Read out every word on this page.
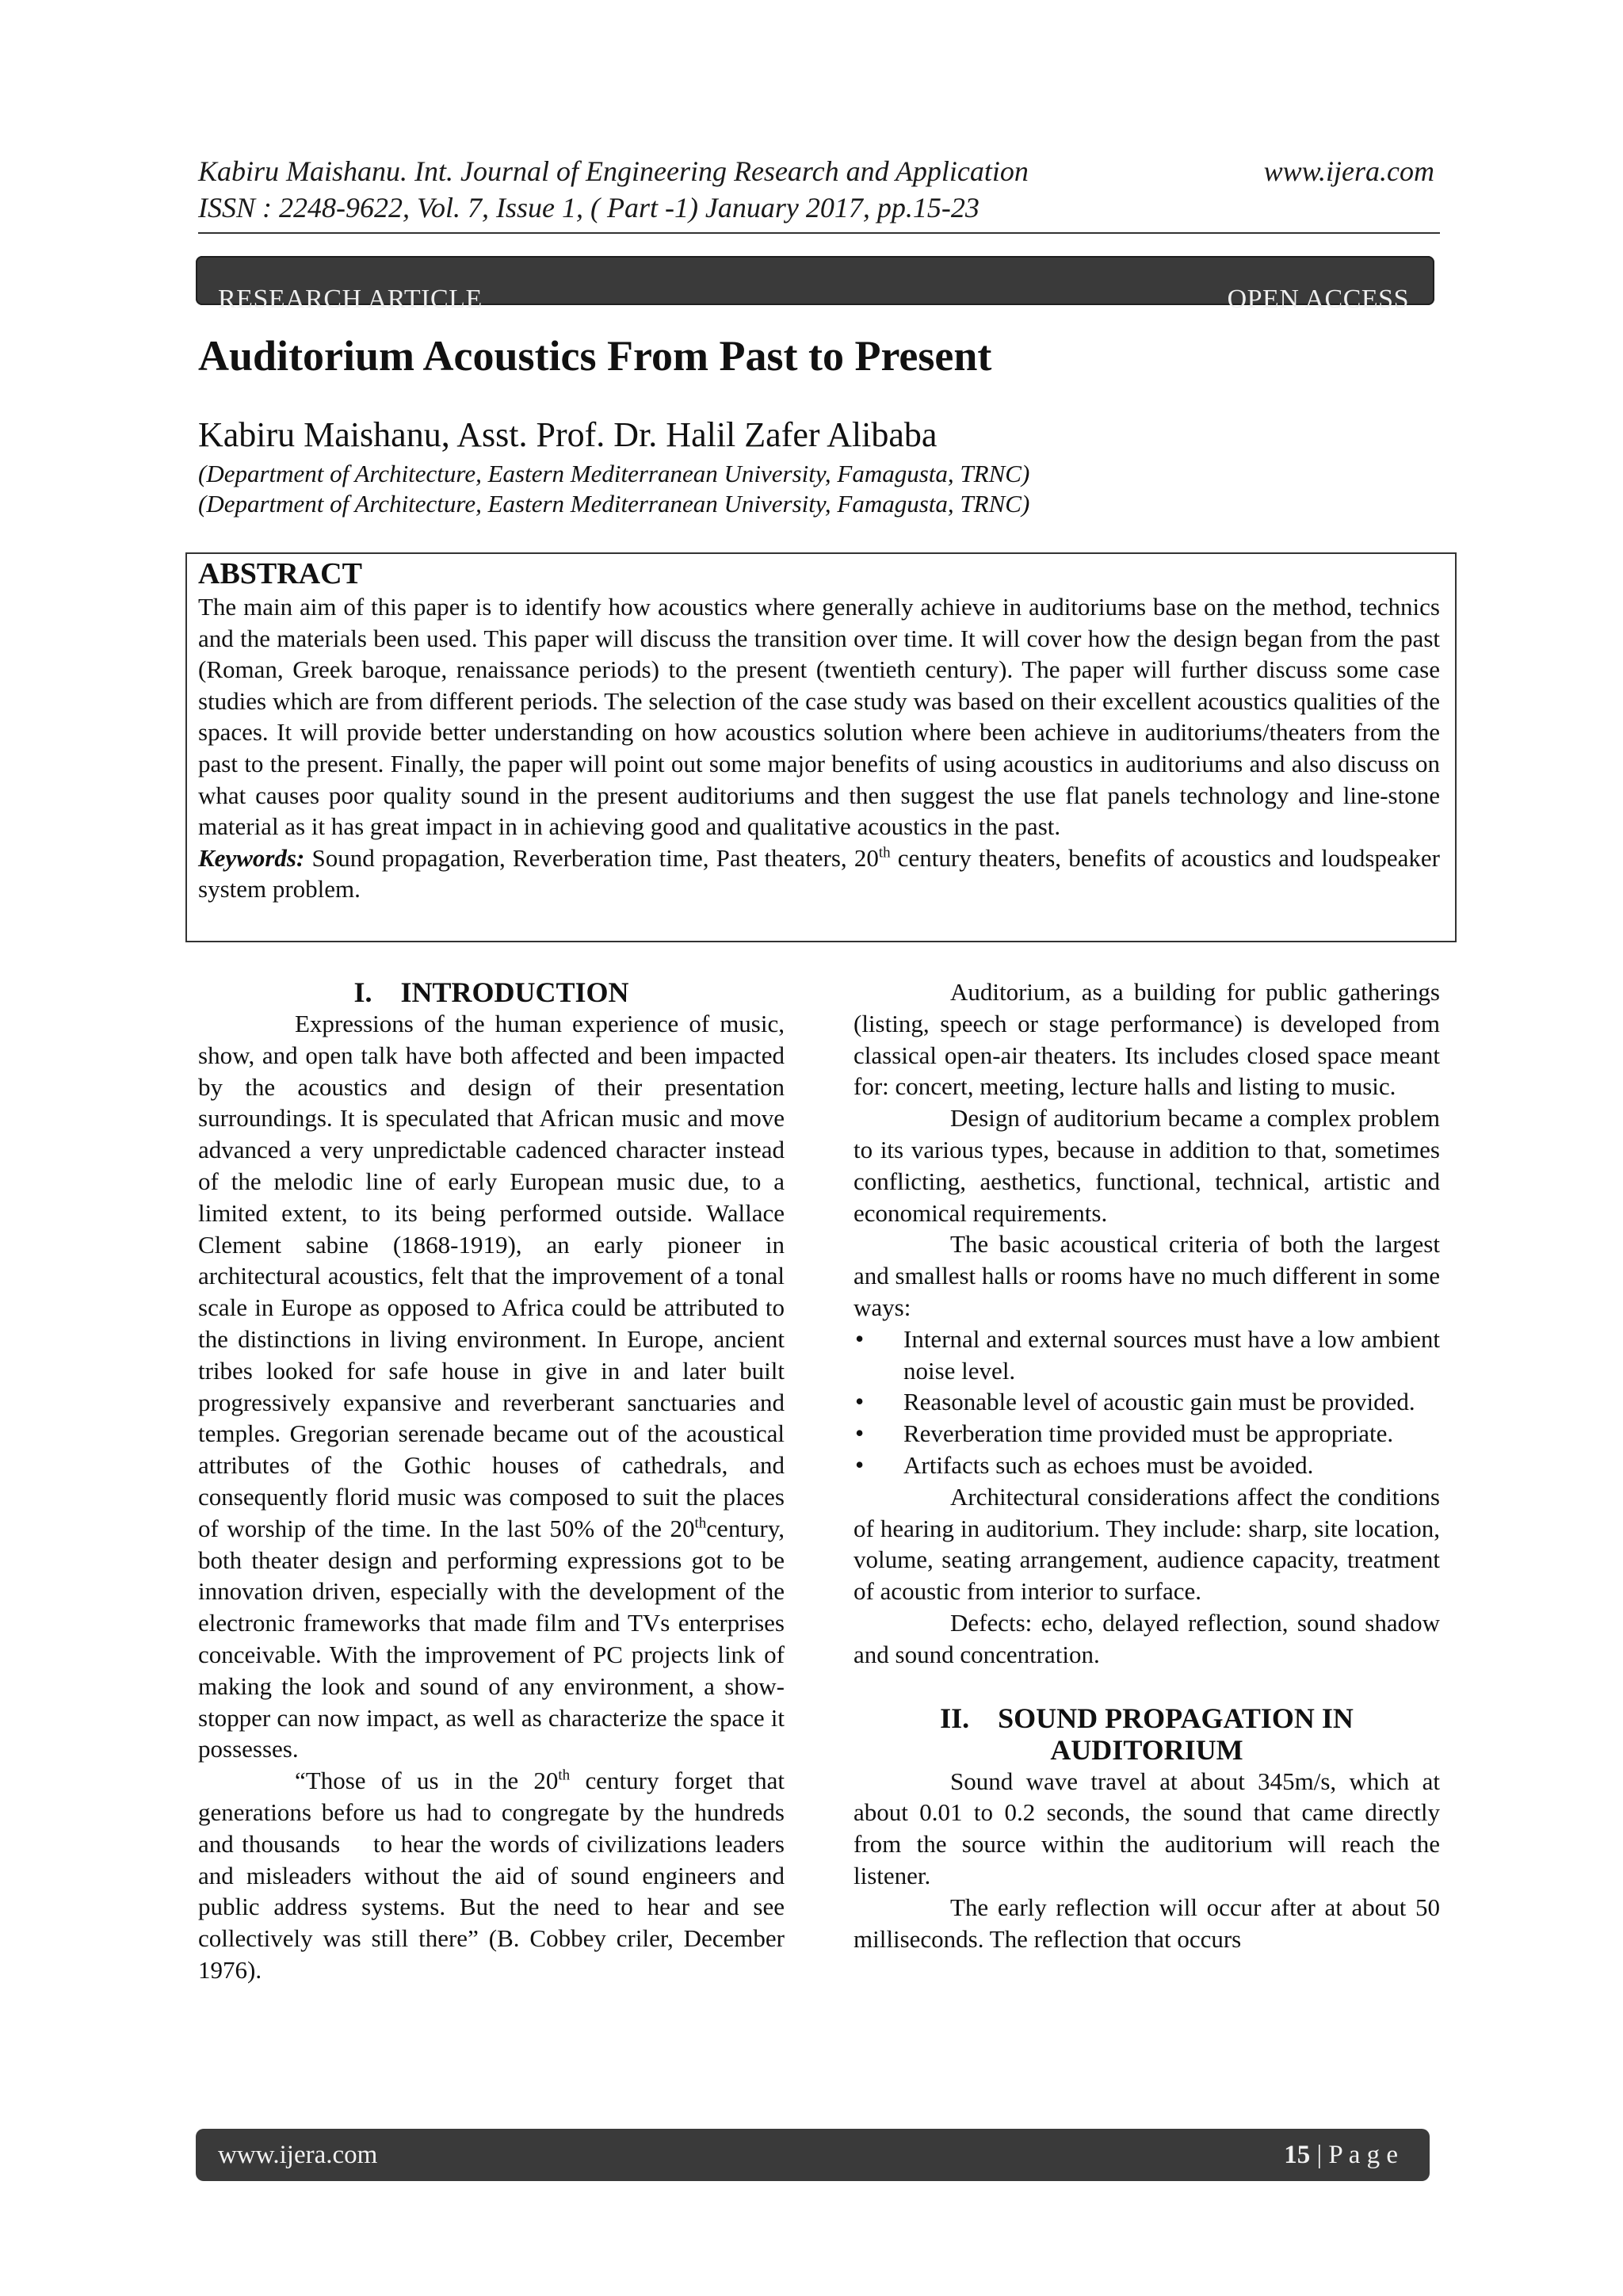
Kabiru Maishanu. Int. Journal of Engineering Research and Application	www.ijera.com
ISSN : 2248-9622, Vol. 7, Issue 1, ( Part -1) January 2017, pp.15-23
RESEARCH ARTICLE	OPEN ACCESS
Auditorium Acoustics From Past to Present
Kabiru Maishanu, Asst. Prof. Dr. Halil Zafer Alibaba
(Department of Architecture, Eastern Mediterranean University, Famagusta, TRNC)
(Department of Architecture, Eastern Mediterranean University, Famagusta, TRNC)
ABSTRACT

The main aim of this paper is to identify how acoustics where generally achieve in auditoriums base on the method, technics and the materials been used. This paper will discuss the transition over time. It will cover how the design began from the past (Roman, Greek baroque, renaissance periods) to the present (twentieth century). The paper will further discuss some case studies which are from different periods. The selection of the case study was based on their excellent acoustics qualities of the spaces. It will provide better understanding on how acoustics solution where been achieve in auditoriums/theaters from the past to the present. Finally, the paper will point out some major benefits of using acoustics in auditoriums and also discuss on what causes poor quality sound in the present auditoriums and then suggest the use flat panels technology and line-stone material as it has great impact in in achieving good and qualitative acoustics in the past.

Keywords: Sound propagation, Reverberation time, Past theaters, 20th century theaters, benefits of acoustics and loudspeaker system problem.

I.    INTRODUCTION

Expressions of the human experience of music, show, and open talk have both affected and been impacted by the acoustics and design of their presentation surroundings. It is speculated that African music and move advanced a very unpredictable cadenced character instead of the melodic line of early European music due, to a limited extent, to its being performed outside. Wallace Clement sabine (1868-1919), an early pioneer in architectural acoustics, felt that the improvement of a tonal scale in Europe as opposed to Africa could be attributed to the distinctions in living environment. In Europe, ancient tribes looked for safe house in give in and later built progressively expansive and reverberant sanctuaries and temples. Gregorian serenade became out of the acoustical attributes of the Gothic houses of cathedrals, and consequently florid music was composed to suit the places of worship of the time. In the last 50% of the 20thcentury, both theater design and performing expressions got to be innovation driven, especially with the development of the electronic frameworks that made film and TVs enterprises conceivable. With the improvement of PC projects link of making the look and sound of any environment, a show-stopper can now impact, as well as characterize the space it possesses.

“Those of us in the 20th century forget that generations before us had to congregate by the hundreds and thousands    to hear the words of civilizations leaders and misleaders without the aid of sound engineers and public address systems. But the need to hear and see collectively was still there” (B. Cobbey criler, December 1976).

Auditorium, as a building for public gatherings (listing, speech or stage performance) is developed from classical open-air theaters. Its includes closed space meant for: concert, meeting, lecture halls and listing to music.

Design of auditorium became a complex problem to its various types, because in addition to that, sometimes conflicting, aesthetics, functional, technical, artistic and economical requirements.

The basic acoustical criteria of both the largest and smallest halls or rooms have no much different in some ways:

• Internal and external sources must have a low ambient noise level.
• Reasonable level of acoustic gain must be provided.
• Reverberation time provided must be appropriate.
• Artifacts such as echoes must be avoided.

Architectural considerations affect the conditions of hearing in auditorium. They include: sharp, site location, volume, seating arrangement, audience capacity, treatment of acoustic from interior to surface.

Defects: echo, delayed reflection, sound shadow and sound concentration.

II.    SOUND PROPAGATION IN
AUDITORIUM

Sound wave travel at about 345m/s, which at about 0.01 to 0.2 seconds, the sound that came directly from the source within the auditorium will reach the listener.

The early reflection will occur after at about 50 milliseconds. The reflection that occurs

www.ijera.com	15 | P a g e
